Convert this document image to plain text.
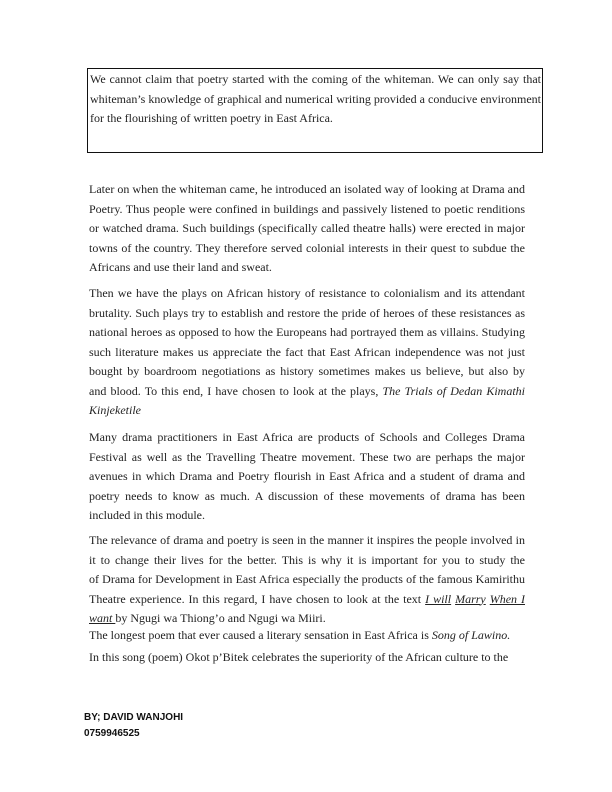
We cannot claim that poetry started with the coming of the whiteman. We can only say that
whiteman’s knowledge of graphical and numerical writing provided a conducive environment
for the flourishing of written poetry in East Africa.
Later on when the whiteman came, he introduced an isolated way of looking at Drama and
Poetry. Thus people were confined in buildings and passively listened to poetic renditions
or watched drama. Such buildings (specifically called theatre halls) were erected in major
towns of the country. They therefore served colonial interests in their quest to subdue the
Africans and use their land and sweat.
Then we have the plays on African history of resistance to colonialism and its attendant
brutality. Such plays try to establish and restore the pride of heroes of these resistances as
national heroes as opposed to how the Europeans had portrayed them as villains. Studying
such literature makes us appreciate the fact that East African independence was not just
bought by boardroom negotiations as history sometimes makes us believe, but also by
and blood. To this end, I have chosen to look at the plays, The Trials of Dedan Kimathi
Kinjeketile
Many drama practitioners in East Africa are products of Schools and Colleges Drama
Festival as well as the Travelling Theatre movement. These two are perhaps the major
avenues in which Drama and Poetry flourish in East Africa and a student of drama and
poetry needs to know as much. A discussion of these movements of drama has been
included in this module.
The relevance of drama and poetry is seen in the manner it inspires the people involved in
it to change their lives for the better. This is why it is important for you to study the
of Drama for Development in East Africa especially the products of the famous Kamirithu
Theatre experience. In this regard, I have chosen to look at the text I will Marry When I
want by Ngugi wa Thiong’o and Ngugi wa Miiri.
The longest poem that ever caused a literary sensation in East Africa is Song of Lawino.
In this song (poem) Okot p’Bitek celebrates the superiority of the African culture to the
BY; DAVID WANJOHI
0759946525
